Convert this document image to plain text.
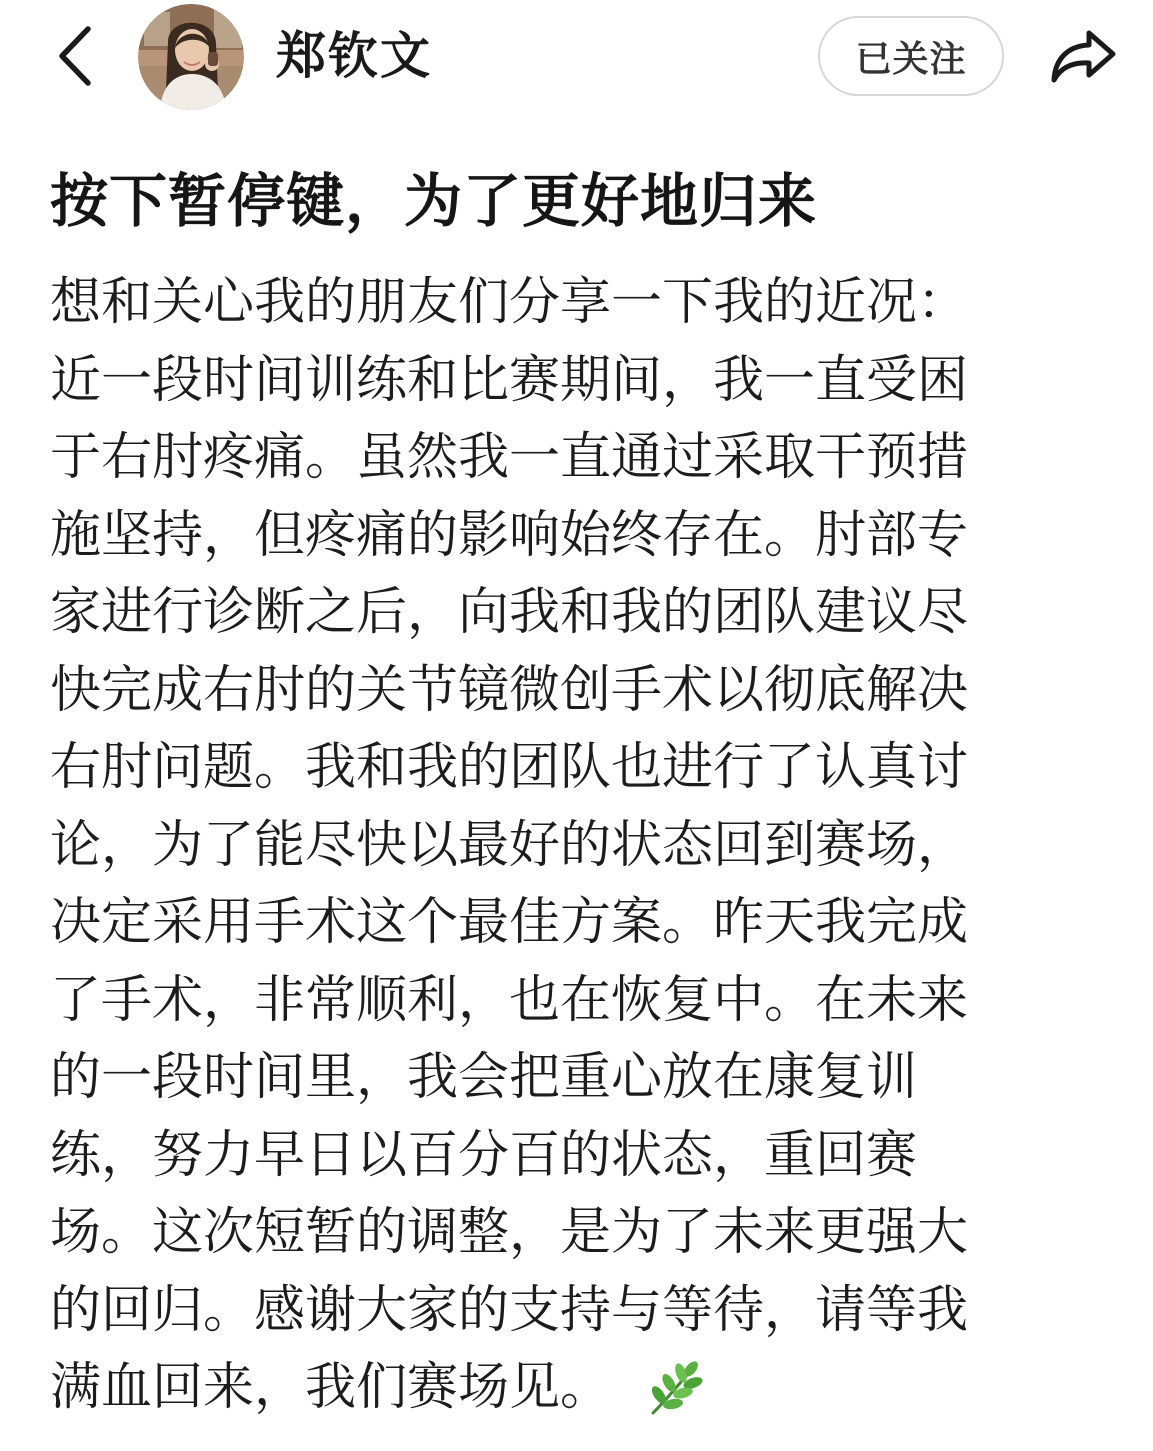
郑钦文	已关注
按下暂停键，为了更好地归来
想和关心我的朋友们分享一下我的近况：
近一段时间训练和比赛期间，我一直受困
于右肘疼痛。虽然我一直通过采取干预措
施坚持，但疼痛的影响始终存在。肘部专
家进行诊断之后，向我和我的团队建议尽
快完成右肘的关节镜微创手术以彻底解决
右肘问题。我和我的团队也进行了认真讨
论，为了能尽快以最好的状态回到赛场，
决定采用手术这个最佳方案。昨天我完成
了手术，非常顺利，也在恢复中。在未来
的一段时间里，我会把重心放在康复训
练，努力早日以百分百的状态，重回赛
场。这次短暂的调整，是为了未来更强大
的回归。感谢大家的支持与等待，请等我
满血回来，我们赛场见。
